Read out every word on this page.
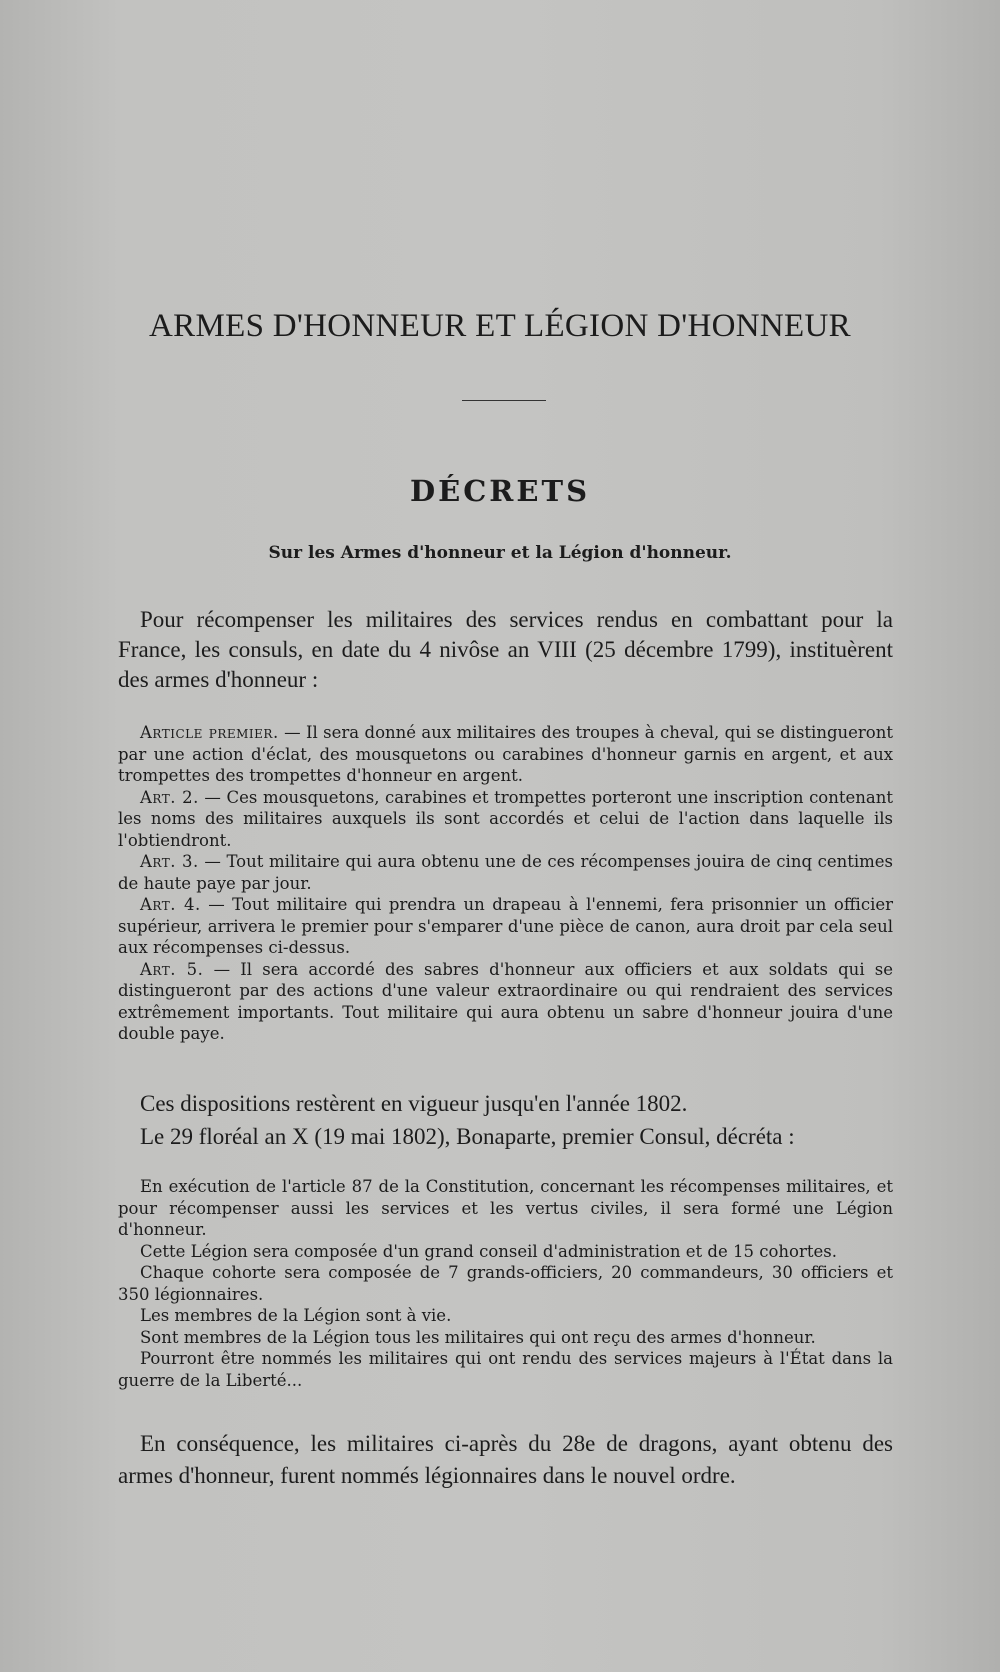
ARMES D'HONNEUR ET LÉGION D'HONNEUR
DÉCRETS
Sur les Armes d'honneur et la Légion d'honneur.

Pour récompenser les militaires des services rendus en combattant pour la France, les consuls, en date du 4 nivôse an VIII (25 décembre 1799), instituèrent des armes d'honneur :

Article premier. — Il sera donné aux militaires des troupes à cheval, qui se distingueront par une action d'éclat, des mousquetons ou carabines d'honneur garnis en argent, et aux trompettes des trompettes d'honneur en argent.

Art. 2. — Ces mousquetons, carabines et trompettes porteront une inscription contenant les noms des militaires auxquels ils sont accordés et celui de l'action dans laquelle ils l'obtiendront.

Art. 3. — Tout militaire qui aura obtenu une de ces récompenses jouira de cinq centimes de haute paye par jour.

Art. 4. — Tout militaire qui prendra un drapeau à l'ennemi, fera prisonnier un officier supérieur, arrivera le premier pour s'emparer d'une pièce de canon, aura droit par cela seul aux récompenses ci-dessus.

Art. 5. — Il sera accordé des sabres d'honneur aux officiers et aux soldats qui se distingueront par des actions d'une valeur extraordinaire ou qui rendraient des services extrêmement importants. Tout militaire qui aura obtenu un sabre d'honneur jouira d'une double paye.

Ces dispositions restèrent en vigueur jusqu'en l'année 1802.

Le 29 floréal an X (19 mai 1802), Bonaparte, premier Consul, décréta :

En exécution de l'article 87 de la Constitution, concernant les récompenses militaires, et pour récompenser aussi les services et les vertus civiles, il sera formé une Légion d'honneur.

Cette Légion sera composée d'un grand conseil d'administration et de 15 cohortes.

Chaque cohorte sera composée de 7 grands-officiers, 20 commandeurs, 30 officiers et 350 légionnaires.

Les membres de la Légion sont à vie.

Sont membres de la Légion tous les militaires qui ont reçu des armes d'honneur.

Pourront être nommés les militaires qui ont rendu des services majeurs à l'État dans la guerre de la Liberté...

En conséquence, les militaires ci-après du 28e de dragons, ayant obtenu des armes d'honneur, furent nommés légionnaires dans le nouvel ordre.
